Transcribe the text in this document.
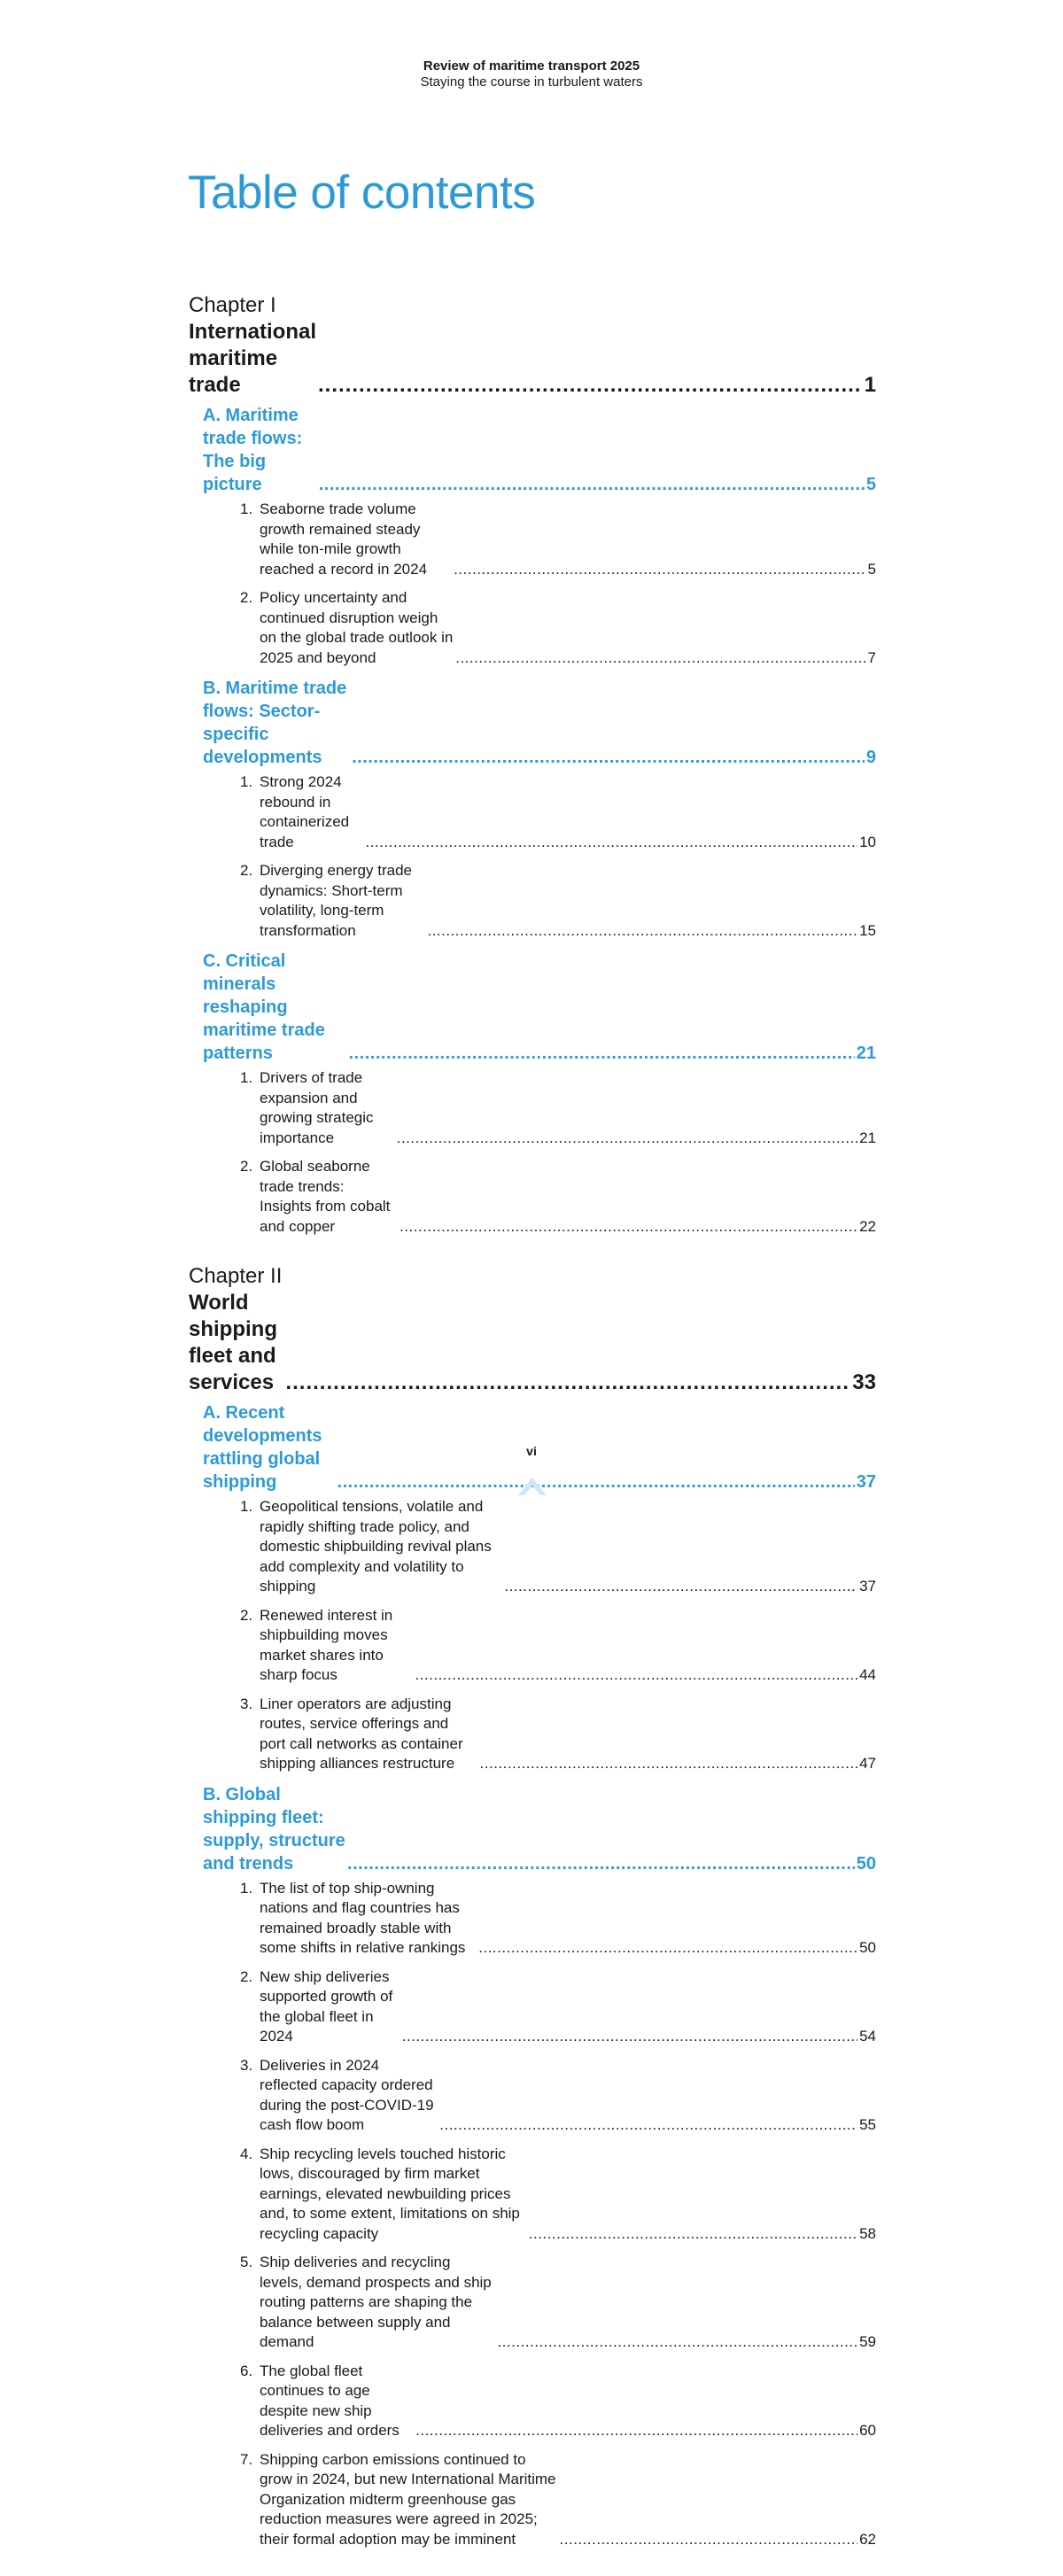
Review of maritime transport 2025
Staying the course in turbulent waters
Table of contents
Chapter I
International maritime trade .....	1
A. Maritime trade flows: The big picture .....	5
1. Seaborne trade volume growth remained steady while ton-mile growth reached a record in 2024 .....	5
2. Policy uncertainty and continued disruption weigh on the global trade outlook in 2025 and beyond .....	7
B. Maritime trade flows: Sector-specific developments .....	9
1. Strong 2024 rebound in containerized trade .....	10
2. Diverging energy trade dynamics: Short-term volatility, long-term transformation .....	15
C. Critical minerals reshaping maritime trade patterns .....	21
1. Drivers of trade expansion and growing strategic importance .....	21
2. Global seaborne trade trends: Insights from cobalt and copper .....	22
Chapter II
World shipping fleet and services .....	33
A. Recent developments rattling global shipping .....	37
1. Geopolitical tensions, volatile and rapidly shifting trade policy, and domestic shipbuilding revival plans add complexity and volatility to shipping .....	37
2. Renewed interest in shipbuilding moves market shares into sharp focus .....	44
3. Liner operators are adjusting routes, service offerings and port call networks as container shipping alliances restructure .....	47
B. Global shipping fleet: supply, structure and trends .....	50
1. The list of top ship-owning nations and flag countries has remained broadly stable with some shifts in relative rankings .....	50
2. New ship deliveries supported growth of the global fleet in 2024 .....	54
3. Deliveries in 2024 reflected capacity ordered during the post-COVID-19 cash flow boom .....	55
4. Ship recycling levels touched historic lows, discouraged by firm market earnings, elevated newbuilding prices and, to some extent, limitations on ship recycling capacity .....	58
5. Ship deliveries and recycling levels, demand prospects and ship routing patterns are shaping the balance between supply and demand .....	59
6. The global fleet continues to age despite new ship deliveries and orders .....	60
7. Shipping carbon emissions continued to grow in 2024, but new International Maritime Organization midterm greenhouse gas reduction measures were agreed in 2025; their formal adoption may be imminent .....	62
vi
